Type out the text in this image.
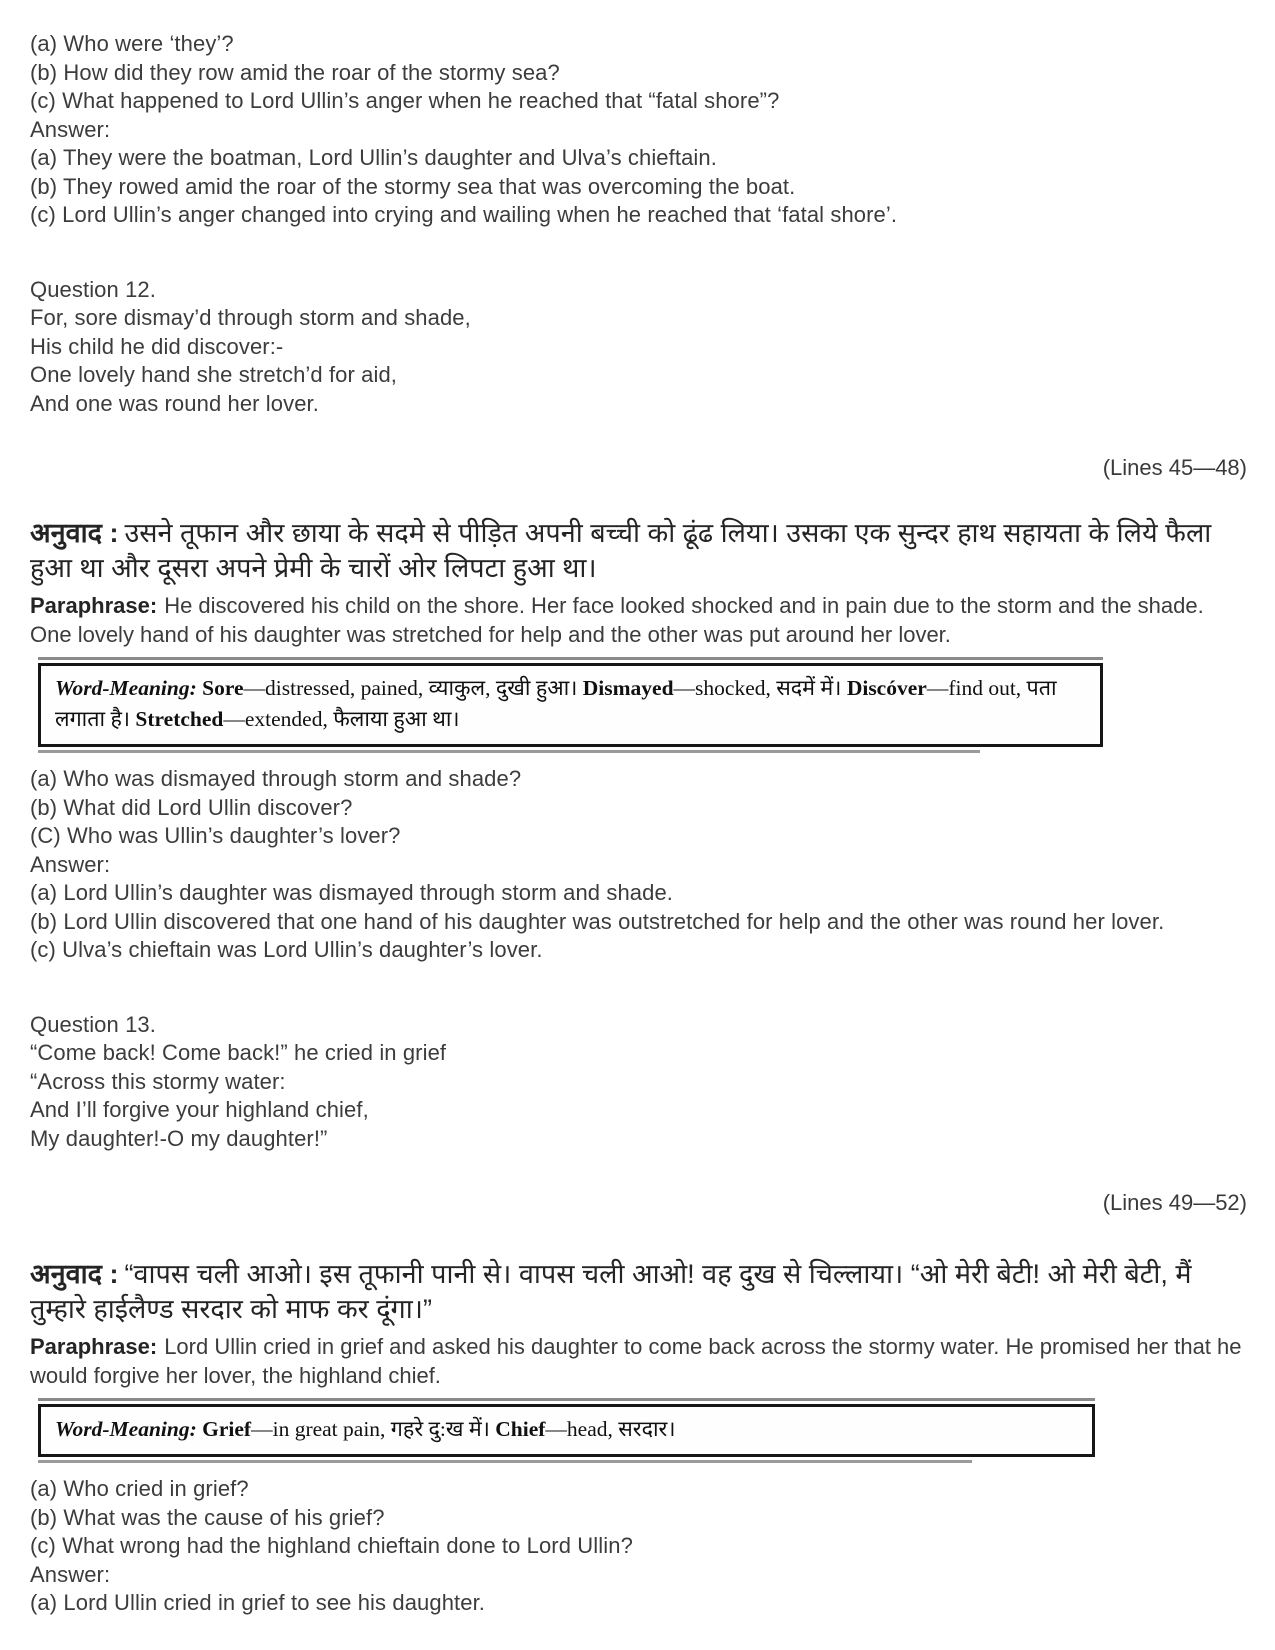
(a) Who were ‘they’?
(b) How did they row amid the roar of the stormy sea?
(c) What happened to Lord Ullin’s anger when he reached that “fatal shore”?
Answer:
(a) They were the boatman, Lord Ullin’s daughter and Ulva’s chieftain.
(b) They rowed amid the roar of the stormy sea that was overcoming the boat.
(c) Lord Ullin’s anger changed into crying and wailing when he reached that ‘fatal shore’.
Question 12.
For, sore dismay’d through storm and shade,
His child he did discover:-
One lovely hand she stretch’d for aid,
And one was round her lover.
(Lines 45—48)

अनुवाद : उसने तूफान और छाया के सदमे से पीड़ित अपनी बच्ची को ढूंढ लिया। उसका एक सुन्दर हाथ सहायता के लिये फैला हुआ था और दूसरा अपने प्रेमी के चारों ओर लिपटा हुआ था।

Paraphrase: He discovered his child on the shore. Her face looked shocked and in pain due to the storm and the shade. One lovely hand of his daughter was stretched for help and the other was put around her lover.

Word-Meaning: Sore—distressed, pained, व्याकुल, दुखी हुआ। Dismayed—shocked, सदमें में। Discóver—find out, पता लगाता है। Stretched—extended, फैलाया हुआ था।
(a) Who was dismayed through storm and shade?
(b) What did Lord Ullin discover?
(C) Who was Ullin’s daughter’s lover?
Answer:
(a) Lord Ullin’s daughter was dismayed through storm and shade.
(b) Lord Ullin discovered that one hand of his daughter was outstretched for help and the other was round her lover.
(c) Ulva’s chieftain was Lord Ullin’s daughter’s lover.
Question 13.
“Come back! Come back!” he cried in grief
“Across this stormy water:
And I’ll forgive your highland chief,
My daughter!-O my daughter!”
(Lines 49—52)

अनुवाद : “वापस चली आओ। इस तूफानी पानी से। वापस चली आओ! वह दुख से चिल्लाया। “ओ मेरी बेटी! ओ मेरी बेटी, मैं तुम्हारे हाईलैण्ड सरदार को माफ कर दूंगा।”

Paraphrase: Lord Ullin cried in grief and asked his daughter to come back across the stormy water. He promised her that he would forgive her lover, the highland chief.

Word-Meaning: Grief—in great pain, गहरे दु:ख में। Chief—head, सरदार।
(a) Who cried in grief?
(b) What was the cause of his grief?
(c) What wrong had the highland chieftain done to Lord Ullin?
Answer:
(a) Lord Ullin cried in grief to see his daughter.
